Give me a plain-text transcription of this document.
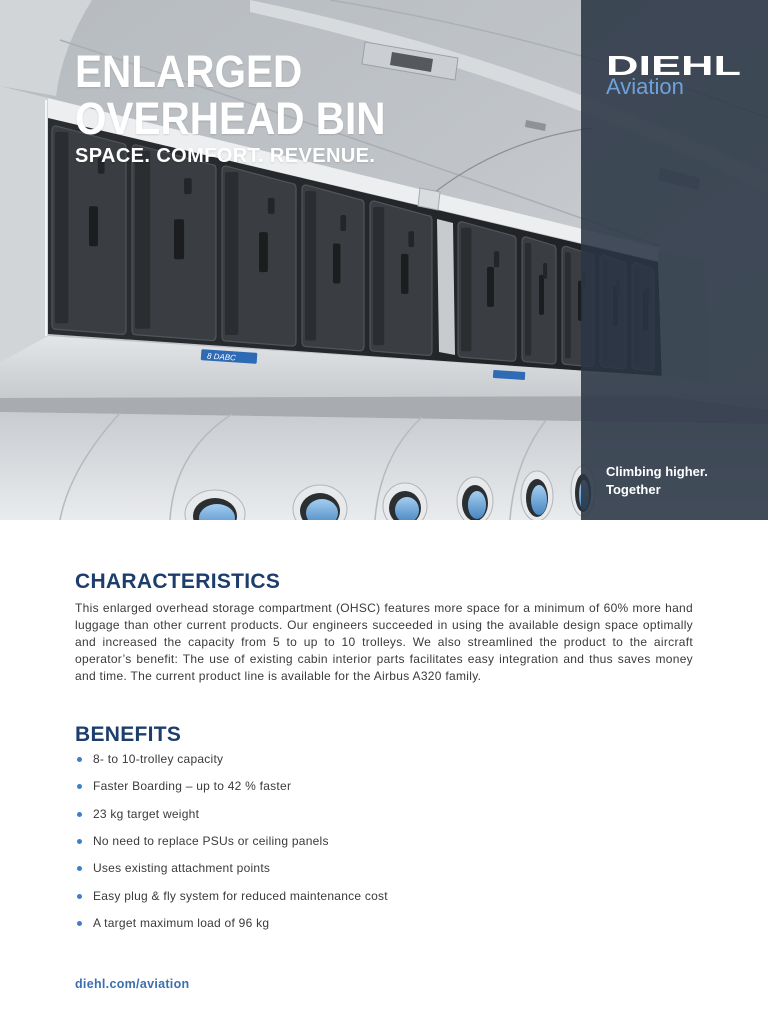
8 DABC
DIEHL
Aviation
Climbing higher.
Together
ENLARGED
OVERHEAD BIN
SPACE. COMFORT. REVENUE.
CHARACTERISTICS

This enlarged overhead storage compartment (OHSC) features more space for a minimum of 60% more hand luggage than other current products. Our engineers succeeded in using the available design space optimally and increased the capacity from 5 to up to 10 trolleys. We also streamlined the product to the aircraft operator’s benefit: The use of existing cabin interior parts facilitates easy integration and thus saves money and time. The current product line is available for the Airbus A320 family.

BENEFITS
8- to 10-trolley capacity
Faster Boarding – up to 42 % faster
23 kg target weight
No need to replace PSUs or ceiling panels
Uses existing attachment points
Easy plug & fly system for reduced maintenance cost
A target maximum load of 96 kg
diehl.com/aviation
